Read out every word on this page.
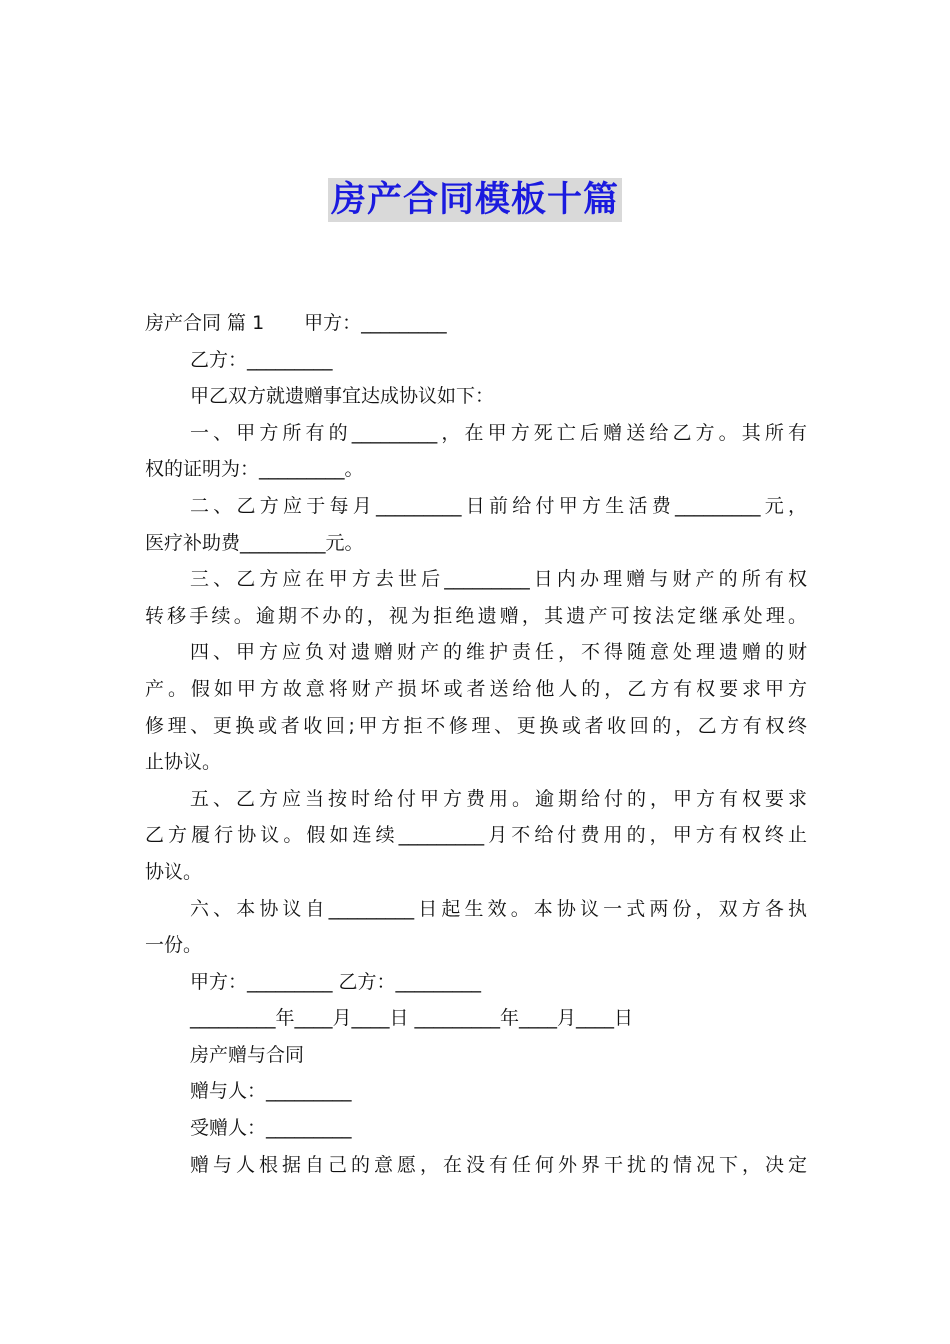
房产合同模板十篇
房产合同 篇 1 甲方：_________
乙方：_________
甲乙双方就遗赠事宜达成协议如下：
一、甲方所有的_________，在甲方死亡后赠送给乙方。其所有
权的证明为：_________。
二、乙方应于每月_________日前给付甲方生活费_________元，
医疗补助费_________元。
三、乙方应在甲方去世后_________日内办理赠与财产的所有权
转移手续。逾期不办的，视为拒绝遗赠，其遗产可按法定继承处理。
四、甲方应负对遗赠财产的维护责任，不得随意处理遗赠的财
产。假如甲方故意将财产损坏或者送给他人的，乙方有权要求甲方
修理、更换或者收回;甲方拒不修理、更换或者收回的，乙方有权终
止协议。
五、乙方应当按时给付甲方费用。逾期给付的，甲方有权要求
乙方履行协议。假如连续_________月不给付费用的，甲方有权终止
协议。
六、本协议自_________日起生效。本协议一式两份，双方各执
一份。
甲方：_________ 乙方：_________
_________年____月____日 _________年____月____日
房产赠与合同
赠与人：_________
受赠人：_________
赠与人根据自己的意愿，在没有任何外界干扰的情况下，决定
